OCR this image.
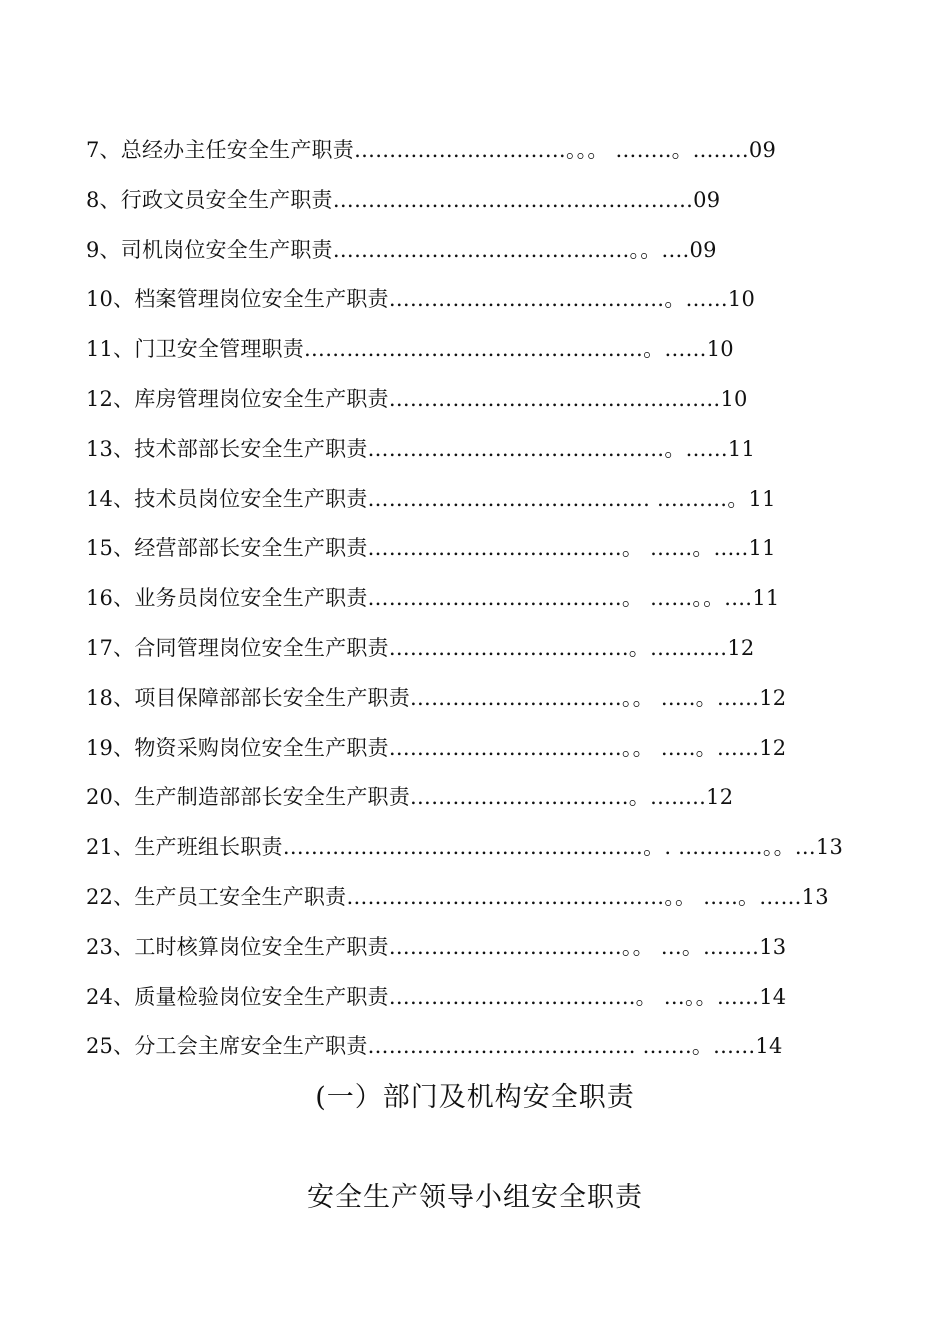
7、总经办主任安全生产职责…………………………。。。 ……..。..……09
8、行政文员安全生产职责……………………………………………09
9、司机岗位安全生产职责……………………………………。。.…09
10、档案管理岗位安全生产职责…………………………………。……10
11、门卫安全管理职责…………………………………………。……10
12、库房管理岗位安全生产职责…………………………………..……10
13、技术部部长安全生产职责……………………………………。……11
14、技术员岗位安全生产职责…………………………………. ….……。11
15、经营部部长安全生产职责………………………………。 ……。..…11
16、业务员岗位安全生产职责………………………………。 ……。。.…11
17、合同管理岗位安全生产职责…………………………….。……..…12
18、项目保障部部长安全生产职责…………………………。。 …..。……12
19、物资采购岗位安全生产职责……………………………。。 …..。……12
20、生产制造部部长安全生产职责………………….………。…..…12
21、生产班组长职责……………………………………………。. …………。。…13
22、生产员工安全生产职责………………………………………。。 …..。……13
23、工时核算岗位安全生产职责……………………………。。 …。..……13
24、质量检验岗位安全生产职责……………………………..。 …。。……14
25、分工会主席安全生产职责……………………………….. …….。……14
(一）部门及机构安全职责
安全生产领导小组安全职责
